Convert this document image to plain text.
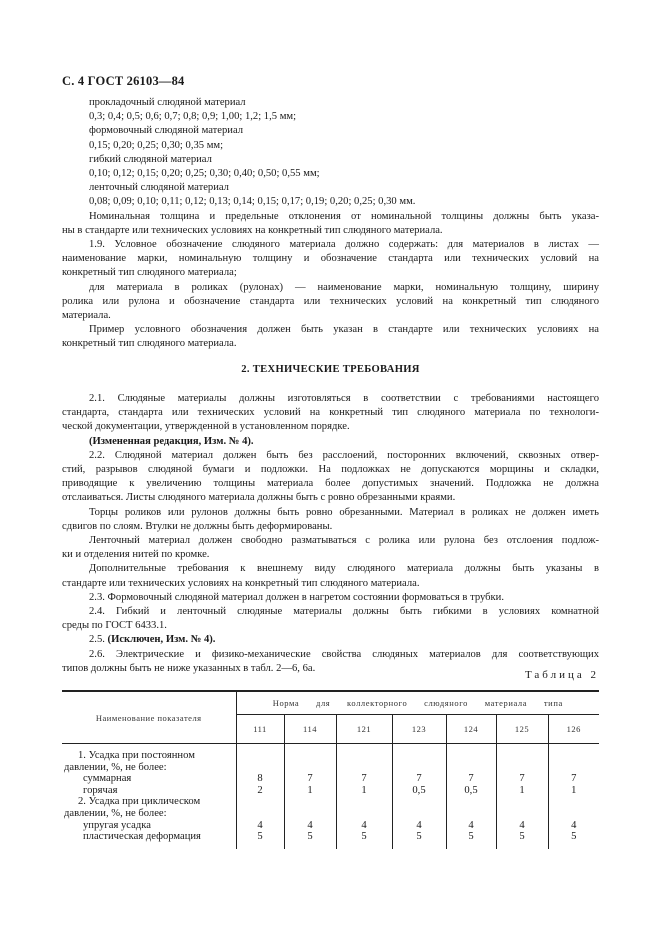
С. 4 ГОСТ 26103—84

прокладочный слюдяной материал

0,3; 0,4; 0,5; 0,6; 0,7; 0,8; 0,9; 1,00; 1,2; 1,5 мм;

формовочный слюдяной материал

0,15; 0,20; 0,25; 0,30; 0,35 мм;

гибкий слюдяной материал

0,10; 0,12; 0,15; 0,20; 0,25; 0,30; 0,40; 0,50; 0,55 мм;

ленточный слюдяной материал

0,08; 0,09; 0,10; 0,11; 0,12; 0,13; 0,14; 0,15; 0,17; 0,19; 0,20; 0,25; 0,30 мм.

Номинальная толщина и предельные отклонения от номинальной толщины должны быть указа-

ны в стандарте или технических условиях на конкретный тип слюдяного материала.

1.9. Условное обозначение слюдяного материала должно содержать: для материалов в листах —

наименование марки, номинальную толщину и обозначение стандарта или технических условий на

конкретный тип слюдяного материала;

для материала в роликах (рулонах) — наименование марки, номинальную толщину, ширину

ролика или рулона и обозначение стандарта или технических условий на конкретный тип слюдяного

материала.

Пример условного обозначения должен быть указан в стандарте или технических условиях на

конкретный тип слюдяного материала.

2. ТЕХНИЧЕСКИЕ ТРЕБОВАНИЯ

2.1. Слюдяные материалы должны изготовляться в соответствии с требованиями настоящего

стандарта, стандарта или технических условий на конкретный тип слюдяного материала по технологи-

ческой документации, утвержденной в установленном порядке.

(Измененная редакция, Изм. № 4).

2.2. Слюдяной материал должен быть без расслоений, посторонних включений, сквозных отвер-

стий, разрывов слюдяной бумаги и подложки. На подложках не допускаются морщины и складки,

приводящие к увеличению толщины материала более допустимых значений. Подложка не должна

отслаиваться. Листы слюдяного материала должны быть с ровно обрезанными краями.

Торцы роликов или рулонов должны быть ровно обрезанными. Материал в роликах не должен иметь

сдвигов по слоям. Втулки не должны быть деформированы.

Ленточный материал должен свободно разматываться с ролика или рулона без отслоения подлож-

ки и отделения нитей по кромке.

Дополнительные требования к внешнему виду слюдяного материала должны быть указаны в

стандарте или технических условиях на конкретный тип слюдяного материала.

2.3. Формовочный слюдяной материал должен в нагретом состоянии формоваться в трубки.

2.4. Гибкий и ленточный слюдяные материалы должны быть гибкими в условиях комнатной

среды по ГОСТ 6433.1.

2.5. (Исключен, Изм. № 4).

2.6. Электрические и физико-механические свойства слюдяных материалов для соответствующих

типов должны быть не ниже указанных в табл. 2—6, 6а.

Таблица 2
Наименование показателя	Норма для коллекторного слюдяного материала типа						
	111	114	121	123	124	125	126

1. Усадка при постоянном							
давлении, %, не более:							
суммарная	8	7	7	7	7	7	7
горячая	2	1	1	0,5	0,5	1	1
2. Усадка при циклическом							
давлении, %, не более:							
упругая усадка	4	4	4	4	4	4	4
пластическая деформация	5	5	5	5	5	5	5
